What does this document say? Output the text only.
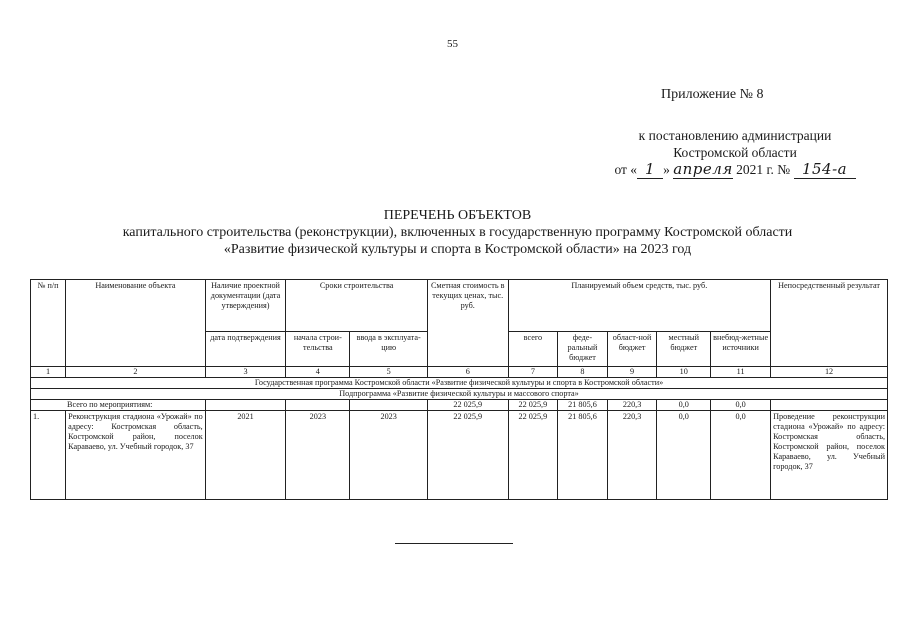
55
Приложение № 8
к постановлению администрации
Костромской области
от « 1 » апреля 2021 г. № 154-а
ПЕРЕЧЕНЬ ОБЪЕКТОВ
капитального строительства (реконструкции), включенных в государственную программу Костромской области
«Развитие физической культуры и спорта в Костромской области» на 2023 год
№ п/п	Наименование объекта	Наличие проектной документации (дата утверждения)	Сроки строительства		Сметная стоимость в текущих ценах, тыс. руб.	Планируемый объем средств, тыс. руб.					Непосредственный результат
		дата подтверждения	начала строи-тельства	ввода в эксплуата-цию		всего	феде-ральный бюджет	област-ной бюджет	местный бюджет	внебюд-жетные источники	
1	2	3	4	5	6	7	8	9	10	11	12
Государственная программа Костромской области «Развитие физической культуры и спорта в Костромской области»											
Подпрограмма «Развитие физической культуры и массового спорта»											
Всего по мероприятиям:					22 025,9	22 025,9	21 805,6	220,3	0,0	0,0	
1.	Реконструкция стадиона «Урожай» по адресу: Костромская область, Костромской район, поселок Караваево, ул. Учебный городок, 37	2021	2023	2023	22 025,9	22 025,9	21 805,6	220,3	0,0	0,0	Проведение реконструкции стадиона «Урожай» по адресу: Костромская область, Костромской район, поселок Караваево, ул. Учебный городок, 37
